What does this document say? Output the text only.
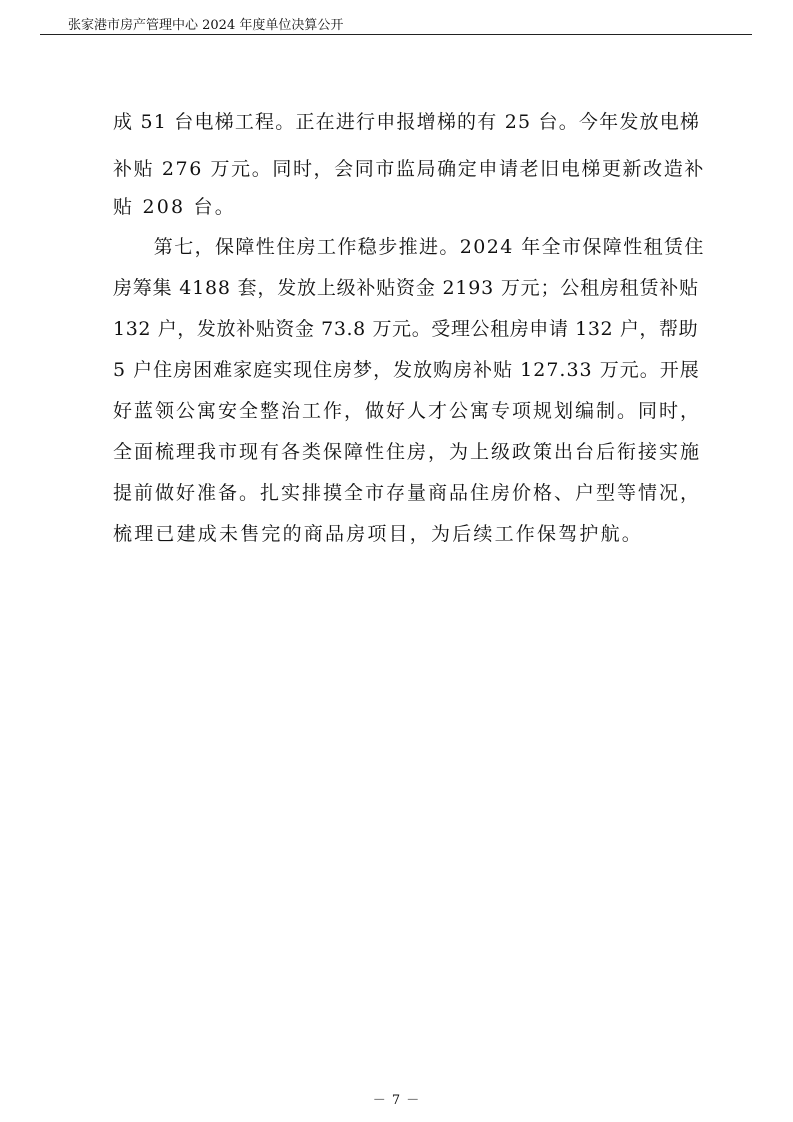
张家港市房产管理中心 2024 年度单位决算公开
成 51 台电梯工程。正在进行申报增梯的有 25 台。今年发放电梯
补贴 276 万元。同时，会同市监局确定申请老旧电梯更新改造补
贴 208 台。
　　第七，保障性住房工作稳步推进。2024 年全市保障性租赁住
房筹集 4188 套，发放上级补贴资金 2193 万元；公租房租赁补贴
132 户，发放补贴资金 73.8 万元。受理公租房申请 132 户，帮助
5 户住房困难家庭实现住房梦，发放购房补贴 127.33 万元。开展
好蓝领公寓安全整治工作，做好人才公寓专项规划编制。同时，
全面梳理我市现有各类保障性住房，为上级政策出台后衔接实施
提前做好准备。扎实排摸全市存量商品住房价格、户型等情况，
梳理已建成未售完的商品房项目，为后续工作保驾护航。
－ 7 －
